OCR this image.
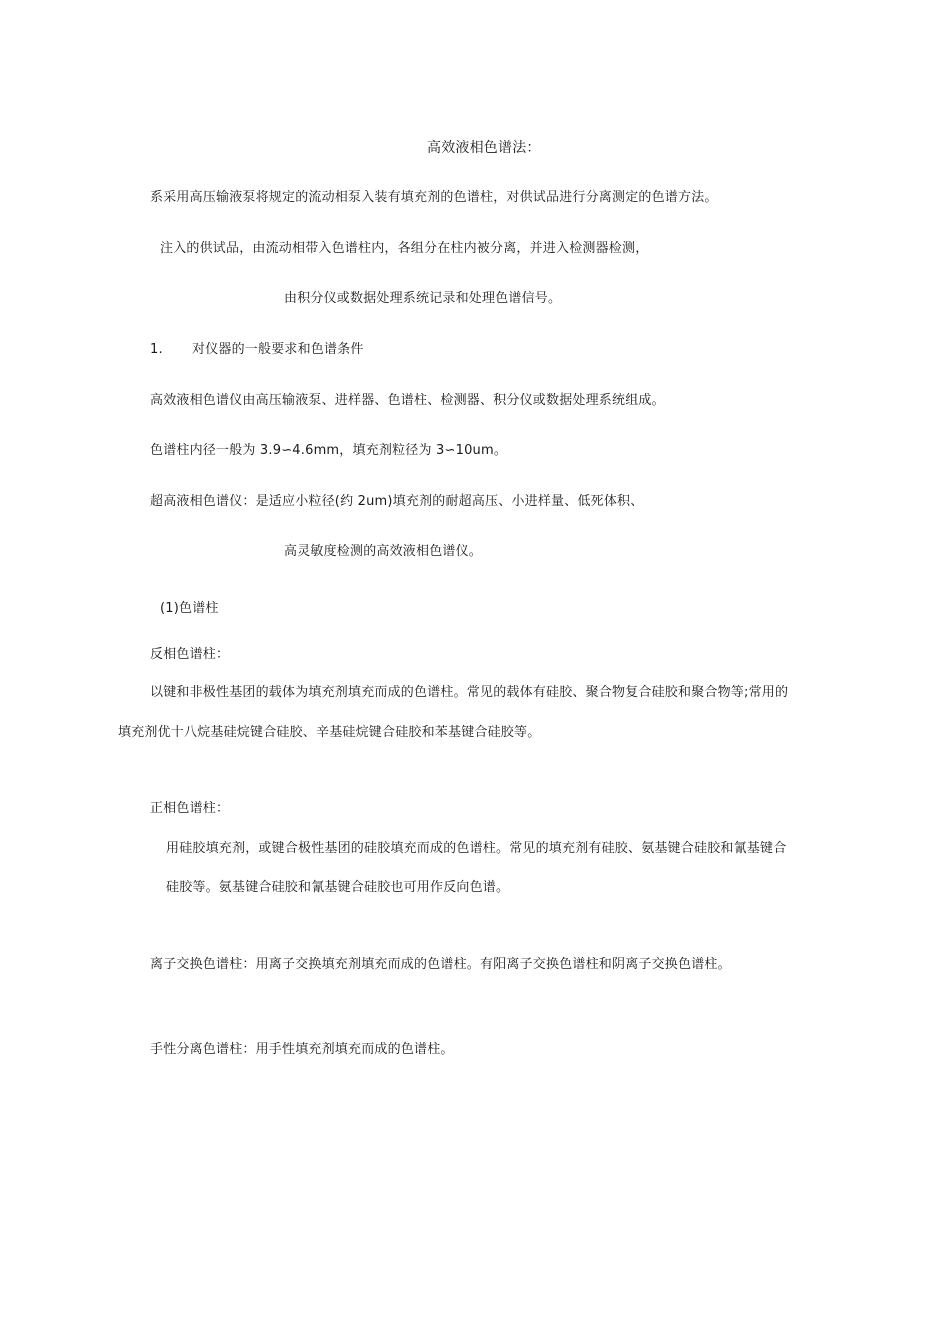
高效液相色谱法：
系采用高压输液泵将规定的流动相泵入装有填充剂的色谱柱，对供试品进行分离测定的色谱方法。
注入的供试品，由流动相带入色谱柱内，各组分在柱内被分离，并进入检测器检测，
由积分仪或数据处理系统记录和处理色谱信号。
1. 对仪器的一般要求和色谱条件
高效液相色谱仪由高压输液泵、进样器、色谱柱、检测器、积分仪或数据处理系统组成。
色谱柱内径一般为 3.9∽4.6mm，填充剂粒径为 3∽10um。
超高液相色谱仪：是适应小粒径(约 2um)填充剂的耐超高压、小进样量、低死体积、
高灵敏度检测的高效液相色谱仪。
(1)色谱柱
反相色谱柱：
以键和非极性基团的载体为填充剂填充而成的色谱柱。常见的载体有硅胶、聚合物复合硅胶和聚合物等;常用的
填充剂优十八烷基硅烷键合硅胶、辛基硅烷键合硅胶和苯基键合硅胶等。
正相色谱柱：
用硅胶填充剂，或键合极性基团的硅胶填充而成的色谱柱。常见的填充剂有硅胶、氨基键合硅胶和氰基键合
硅胶等。氨基键合硅胶和氰基键合硅胶也可用作反向色谱。
离子交换色谱柱：用离子交换填充剂填充而成的色谱柱。有阳离子交换色谱柱和阴离子交换色谱柱。
手性分离色谱柱：用手性填充剂填充而成的色谱柱。
